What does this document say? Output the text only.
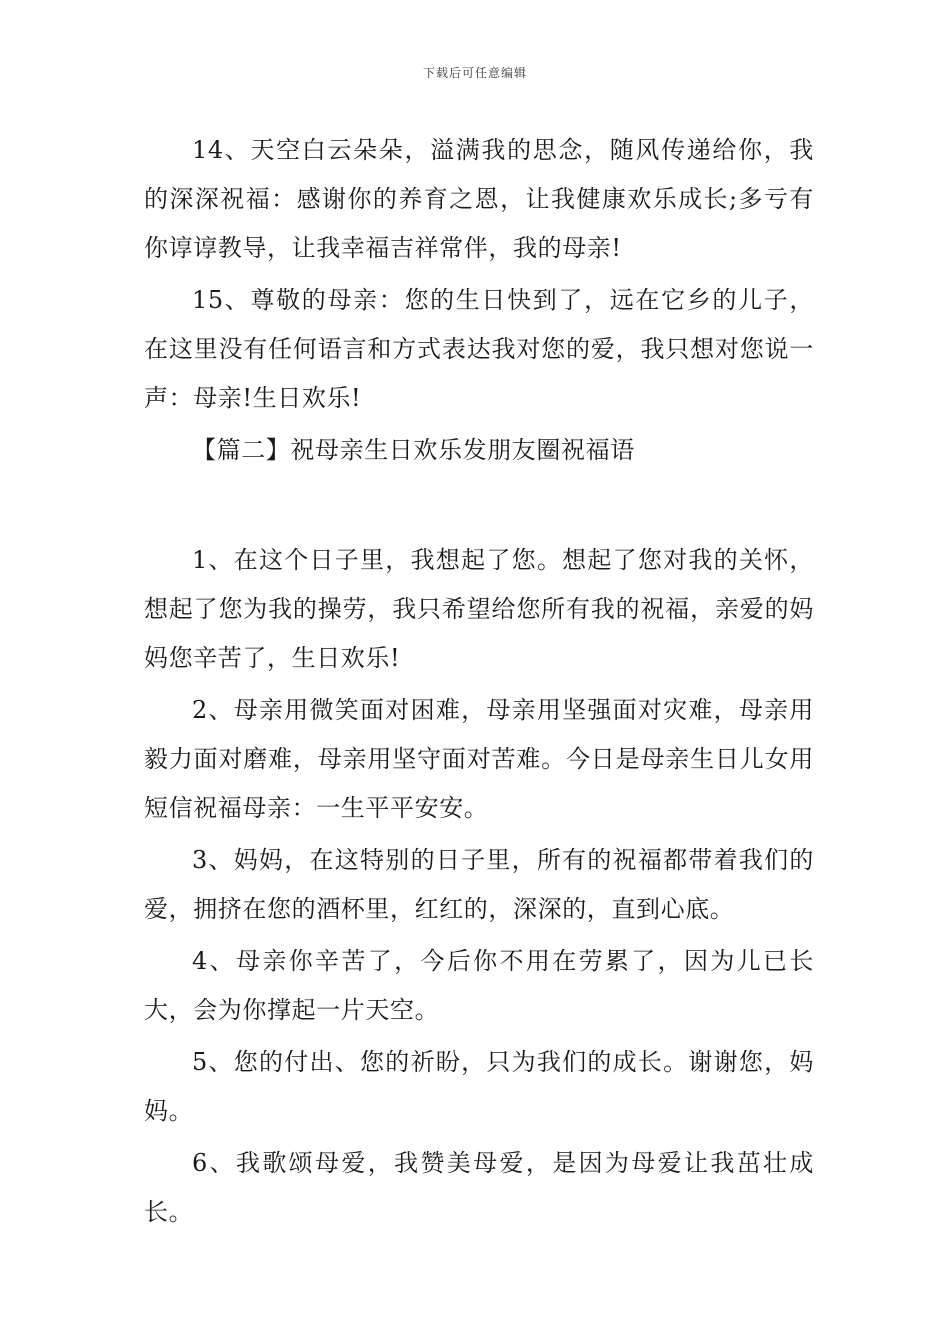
下载后可任意编辑

14、天空白云朵朵，溢满我的思念，随风传递给你，我的深深祝福：感谢你的养育之恩，让我健康欢乐成长;多亏有你谆谆教导，让我幸福吉祥常伴，我的母亲!

15、尊敬的母亲：您的生日快到了，远在它乡的儿子，在这里没有任何语言和方式表达我对您的爱，我只想对您说一声：母亲!生日欢乐!

【篇二】祝母亲生日欢乐发朋友圈祝福语

1、在这个日子里，我想起了您。想起了您对我的关怀，想起了您为我的操劳，我只希望给您所有我的祝福，亲爱的妈妈您辛苦了，生日欢乐!

2、母亲用微笑面对困难，母亲用坚强面对灾难，母亲用毅力面对磨难，母亲用坚守面对苦难。今日是母亲生日儿女用短信祝福母亲：一生平平安安。

3、妈妈，在这特别的日子里，所有的祝福都带着我们的爱，拥挤在您的酒杯里，红红的，深深的，直到心底。

4、母亲你辛苦了，今后你不用在劳累了，因为儿已长大，会为你撑起一片天空。

5、您的付出、您的祈盼，只为我们的成长。谢谢您，妈妈。

6、我歌颂母爱，我赞美母爱，是因为母爱让我茁壮成长。
